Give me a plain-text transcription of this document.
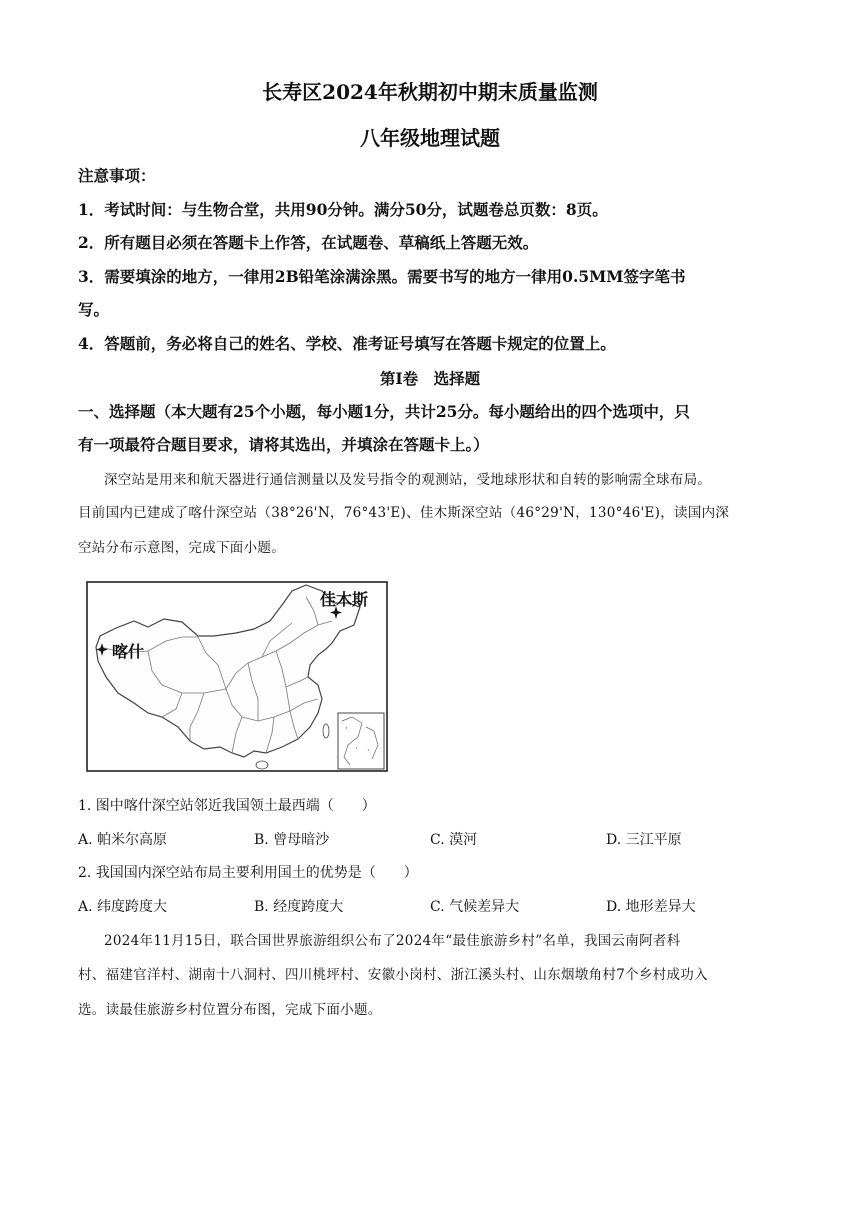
长寿区2024年秋期初中期末质量监测
八年级地理试题
注意事项：
1．考试时间：与生物合堂，共用90分钟。满分50分，试题卷总页数：8页。
2．所有题目必须在答题卡上作答，在试题卷、草稿纸上答题无效。
3．需要填涂的地方，一律用2B铅笔涂满涂黑。需要书写的地方一律用0.5MM签字笔书
写。
4．答题前，务必将自己的姓名、学校、准考证号填写在答题卡规定的位置上。
第Ⅰ卷　选择题
一、选择题（本大题有25个小题，每小题1分，共计25分。每小题给出的四个选项中，只
有一项最符合题目要求，请将其选出，并填涂在答题卡上。）
深空站是用来和航天器进行通信测量以及发号指令的观测站，受地球形状和自转的影响需全球布局。
目前国内已建成了喀什深空站（38°26'N，76°43'E)、佳木斯深空站（46°29'N，130°46'E)，读国内深
空站分布示意图，完成下面小题。
喀什
佳木斯
1. 图中喀什深空站邻近我国领土最西端（　　）
A. 帕米尔高原	B. 曾母暗沙	C. 漠河	D. 三江平原
2. 我国国内深空站布局主要利用国土的优势是（　　）
A. 纬度跨度大	B. 经度跨度大	C. 气候差异大	D. 地形差异大
2024年11月15日，联合国世界旅游组织公布了2024年“最佳旅游乡村”名单，我国云南阿者科
村、福建官洋村、湖南十八洞村、四川桃坪村、安徽小岗村、浙江溪头村、山东烟墩角村7个乡村成功入
选。读最佳旅游乡村位置分布图，完成下面小题。
